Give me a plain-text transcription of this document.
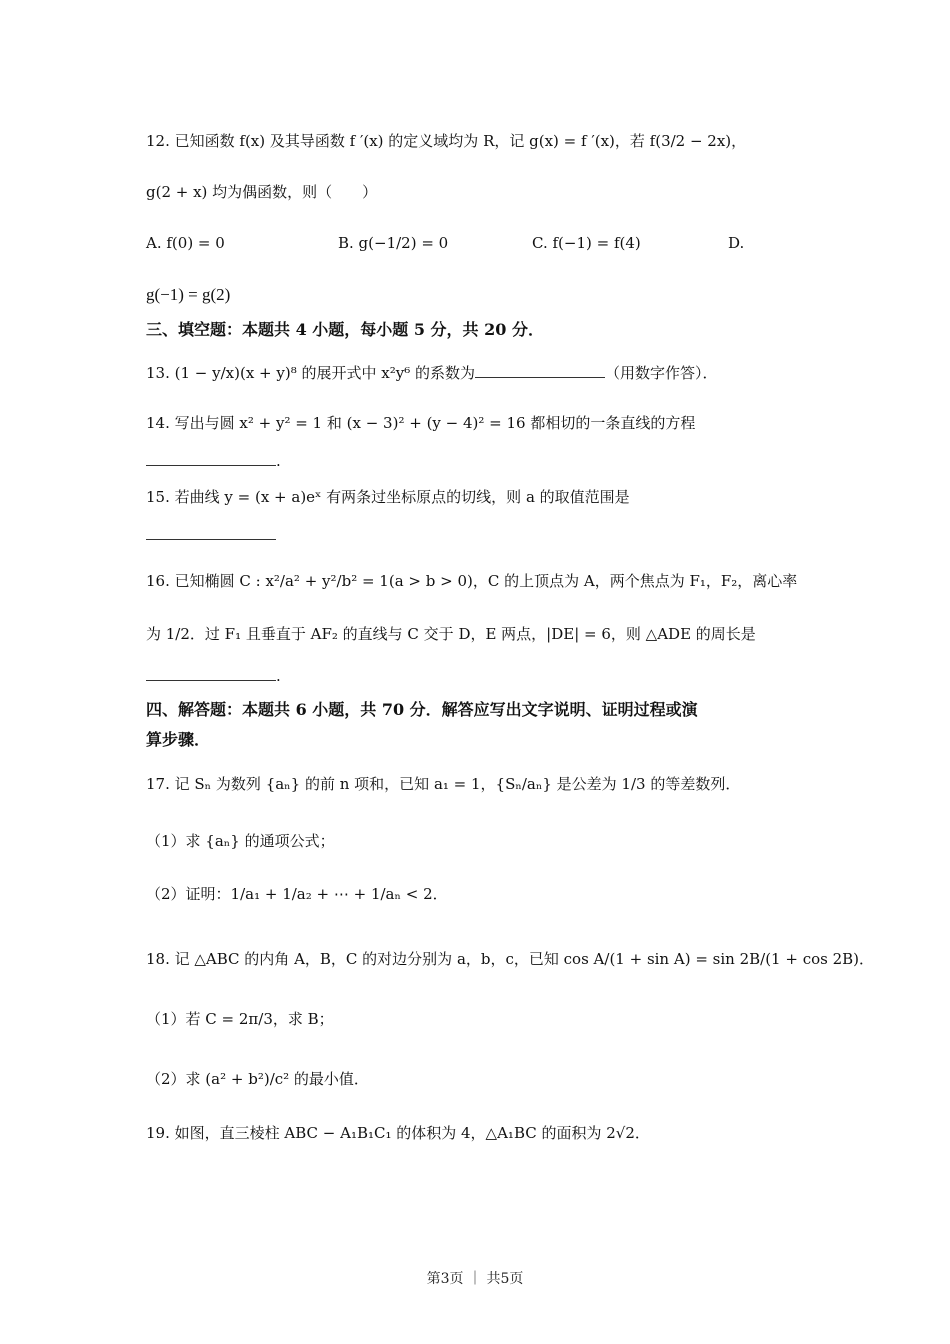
12. 已知函数 f(x) 及其导函数 f ′(x) 的定义域均为 R，记 g(x) = f ′(x)，若 f(3/2 − 2x)，
g(2 + x) 均为偶函数，则（　　）
A. f(0) = 0	B. g(−1/2) = 0	C. f(−1) = f(4)	D.
g(−1) = g(2)
三、填空题：本题共 4 小题，每小题 5 分，共 20 分．
13. (1 − y/x)(x + y)⁸ 的展开式中 x²y⁶ 的系数为	（用数字作答）．
14. 写出与圆 x² + y² = 1 和 (x − 3)² + (y − 4)² = 16 都相切的一条直线的方程
.
15. 若曲线 y = (x + a)eˣ 有两条过坐标原点的切线，则 a 的取值范围是
16. 已知椭圆 C : x²/a² + y²/b² = 1(a > b > 0)，C 的上顶点为 A，两个焦点为 F₁，F₂，离心率
为 1/2．过 F₁ 且垂直于 AF₂ 的直线与 C 交于 D，E 两点，|DE| = 6，则 △ADE 的周长是
.
四、解答题：本题共 6 小题，共 70 分．解答应写出文字说明、证明过程或演
算步骤．
17. 记 Sₙ 为数列 {aₙ} 的前 n 项和，已知 a₁ = 1，{Sₙ/aₙ} 是公差为 1/3 的等差数列．
（1）求 {aₙ} 的通项公式；
（2）证明：1/a₁ + 1/a₂ + ⋯ + 1/aₙ < 2．
18. 记 △ABC 的内角 A，B，C 的对边分别为 a，b，c，已知 cos A/(1 + sin A) = sin 2B/(1 + cos 2B)．
（1）若 C = 2π/3，求 B；
（2）求 (a² + b²)/c² 的最小值．
19. 如图，直三棱柱 ABC − A₁B₁C₁ 的体积为 4，△A₁BC 的面积为 2√2．
第3页 ｜ 共5页
